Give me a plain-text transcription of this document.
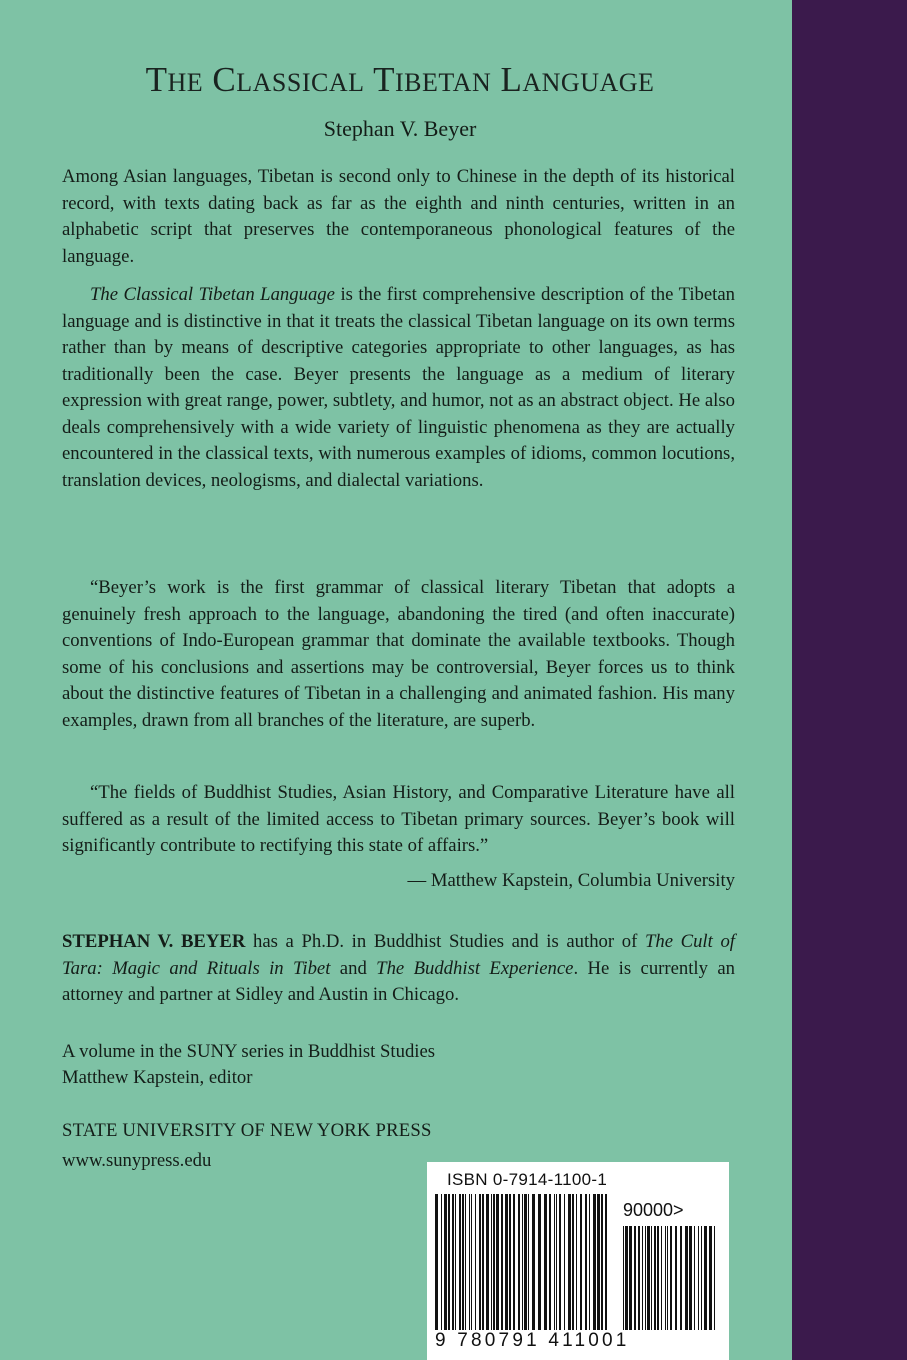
THE CLASSICAL TIBETAN LANGUAGE

Stephan V. Beyer

Among Asian languages, Tibetan is second only to Chinese in the depth of its historical record, with texts dating back as far as the eighth and ninth centuries, written in an alphabetic script that preserves the contemporaneous phonological features of the language.

The Classical Tibetan Language is the first comprehensive description of the Tibetan language and is distinctive in that it treats the classical Tibetan language on its own terms rather than by means of descriptive categories appropriate to other languages, as has traditionally been the case. Beyer presents the language as a medium of literary expression with great range, power, subtlety, and humor, not as an abstract object. He also deals comprehensively with a wide variety of linguistic phenomena as they are actually encountered in the classical texts, with numerous examples of idioms, common locutions, translation devices, neologisms, and dialectal variations.

“Beyer’s work is the first grammar of classical literary Tibetan that adopts a genuinely fresh approach to the language, abandoning the tired (and often inaccurate) conventions of Indo-European grammar that dominate the available textbooks. Though some of his conclusions and assertions may be controversial, Beyer forces us to think about the distinctive features of Tibetan in a challenging and animated fashion. His many examples, drawn from all branches of the literature, are superb.

“The fields of Buddhist Studies, Asian History, and Comparative Literature have all suffered as a result of the limited access to Tibetan primary sources. Beyer’s book will significantly contribute to rectifying this state of affairs.”

— Matthew Kapstein, Columbia University

STEPHAN V. BEYER has a Ph.D. in Buddhist Studies and is author of The Cult of Tara: Magic and Rituals in Tibet and The Buddhist Experience. He is currently an attorney and partner at Sidley and Austin in Chicago.

A volume in the SUNY series in Buddhist Studies
Matthew Kapstein, editor
STATE UNIVERSITY OF NEW YORK PRESS
www.sunypress.edu
ISBN 0-7914-1100-1
90000>
9 780791 411001
